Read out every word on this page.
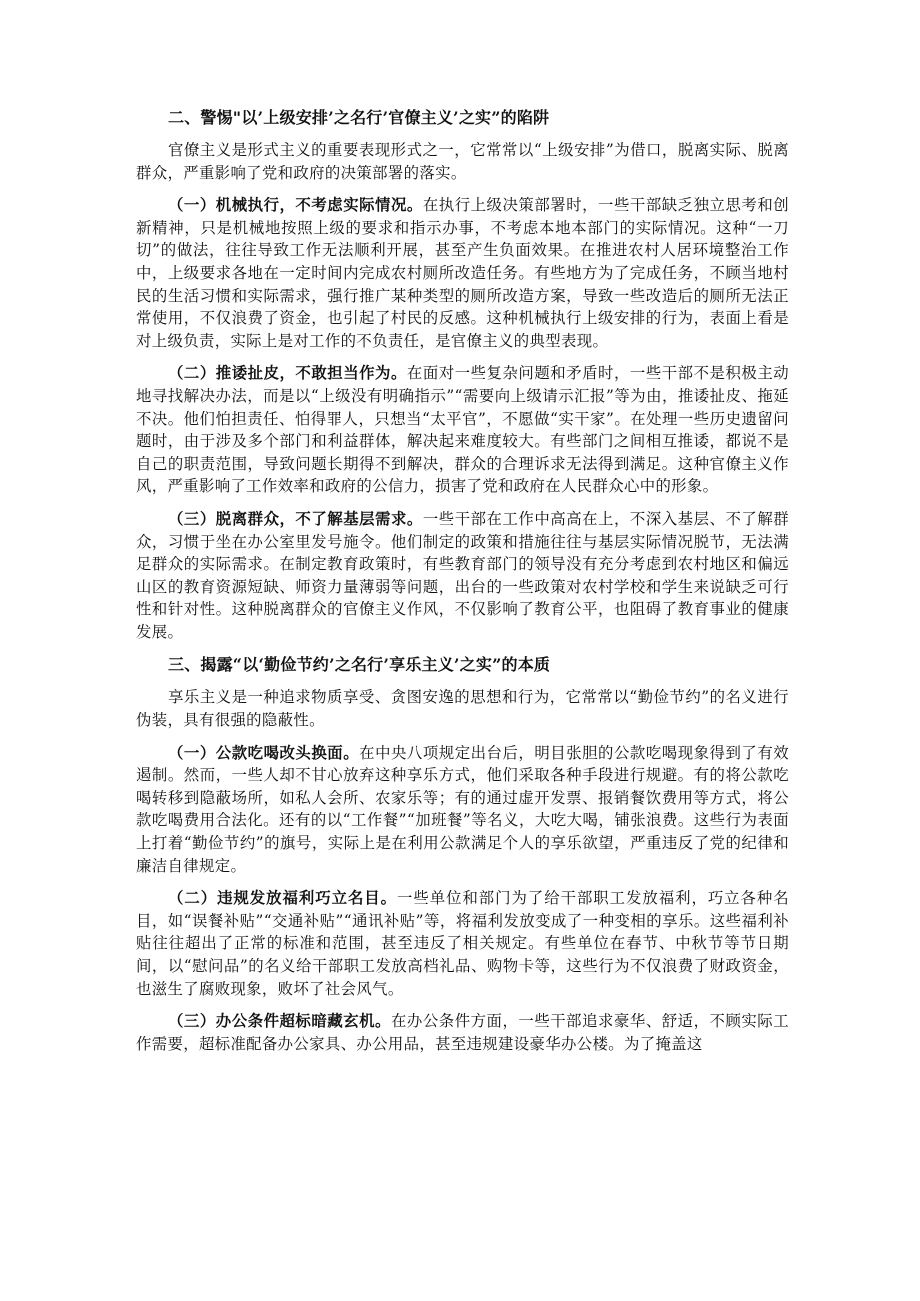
二、警惕"以’上级安排’之名行’官僚主义’之实”的陷阱

官僚主义是形式主义的重要表现形式之一，它常常以“上级安排”为借口，脱离实际、脱离群众，严重影响了党和政府的决策部署的落实。

（一）机械执行，不考虑实际情况。在执行上级决策部署时，一些干部缺乏独立思考和创新精神，只是机械地按照上级的要求和指示办事，不考虑本地本部门的实际情况。这种“一刀切”的做法，往往导致工作无法顺利开展，甚至产生负面效果。在推进农村人居环境整治工作中，上级要求各地在一定时间内完成农村厕所改造任务。有些地方为了完成任务，不顾当地村民的生活习惯和实际需求，强行推广某种类型的厕所改造方案，导致一些改造后的厕所无法正常使用，不仅浪费了资金，也引起了村民的反感。这种机械执行上级安排的行为，表面上看是对上级负责，实际上是对工作的不负责任，是官僚主义的典型表现。

（二）推诿扯皮，不敢担当作为。在面对一些复杂问题和矛盾时，一些干部不是积极主动地寻找解决办法，而是以“上级没有明确指示”“需要向上级请示汇报”等为由，推诿扯皮、拖延不决。他们怕担责任、怕得罪人，只想当“太平官”，不愿做“实干家”。在处理一些历史遗留问题时，由于涉及多个部门和利益群体，解决起来难度较大。有些部门之间相互推诿，都说不是自己的职责范围，导致问题长期得不到解决，群众的合理诉求无法得到满足。这种官僚主义作风，严重影响了工作效率和政府的公信力，损害了党和政府在人民群众心中的形象。

（三）脱离群众，不了解基层需求。一些干部在工作中高高在上，不深入基层、不了解群众，习惯于坐在办公室里发号施令。他们制定的政策和措施往往与基层实际情况脱节，无法满足群众的实际需求。在制定教育政策时，有些教育部门的领导没有充分考虑到农村地区和偏远山区的教育资源短缺、师资力量薄弱等问题，出台的一些政策对农村学校和学生来说缺乏可行性和针对性。这种脱离群众的官僚主义作风，不仅影响了教育公平，也阻碍了教育事业的健康发展。

三、揭露“以‘勤俭节约’之名行’享乐主义’之实”的本质

享乐主义是一种追求物质享受、贪图安逸的思想和行为，它常常以“勤俭节约”的名义进行伪装，具有很强的隐蔽性。

（一）公款吃喝改头换面。在中央八项规定出台后，明目张胆的公款吃喝现象得到了有效遏制。然而，一些人却不甘心放弃这种享乐方式，他们采取各种手段进行规避。有的将公款吃喝转移到隐蔽场所，如私人会所、农家乐等；有的通过虚开发票、报销餐饮费用等方式，将公款吃喝费用合法化。还有的以“工作餐”“加班餐”等名义，大吃大喝，铺张浪费。这些行为表面上打着“勤俭节约”的旗号，实际上是在利用公款满足个人的享乐欲望，严重违反了党的纪律和廉洁自律规定。

（二）违规发放福利巧立名目。一些单位和部门为了给干部职工发放福利，巧立各种名目，如“误餐补贴”“交通补贴”“通讯补贴”等，将福利发放变成了一种变相的享乐。这些福利补贴往往超出了正常的标准和范围，甚至违反了相关规定。有些单位在春节、中秋节等节日期间，以“慰问品”的名义给干部职工发放高档礼品、购物卡等，这些行为不仅浪费了财政资金，也滋生了腐败现象，败坏了社会风气。

（三）办公条件超标暗藏玄机。在办公条件方面，一些干部追求豪华、舒适，不顾实际工作需要，超标准配备办公家具、办公用品，甚至违规建设豪华办公楼。为了掩盖这
